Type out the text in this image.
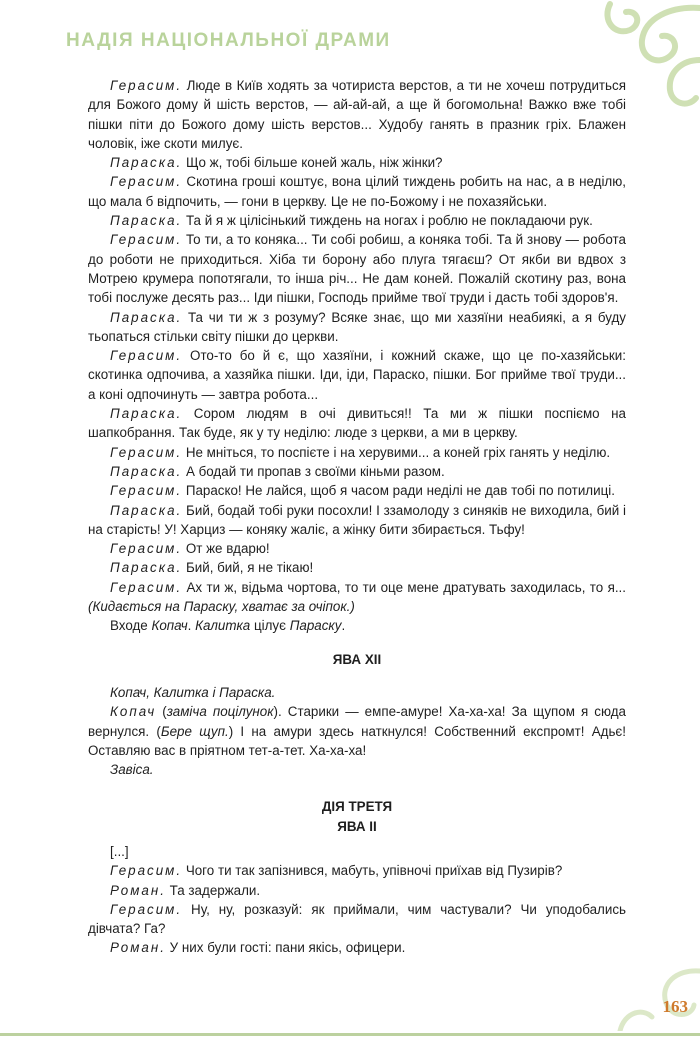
НАДІЯ НАЦІОНАЛЬНОЇ ДРАМИ

Герасим. Люде в Київ ходять за чотириста верстов, а ти не хочеш потрудиться для Божого дому й шість верстов, — ай-ай-ай, а ще й богомольна! Важко вже тобі пішки піти до Божого дому шість верстов... Худобу ганять в празник гріх. Блажен чоловік, іже скоти милує.

Параска. Що ж, тобі більше коней жаль, ніж жінки?

Герасим. Скотина гроші коштує, вона цілий тиждень робить на нас, а в неділю, що мала б відпочить, — гони в церкву. Це не по-Божому і не похазяйськи.

Параска. Та й я ж цілісінький тиждень на ногах і роблю не покладаючи рук.

Герасим. То ти, а то коняка... Ти собі робиш, а коняка тобі. Та й знову — робота до роботи не приходиться. Хіба ти борону або плуга тягаєш? От якби ви вдвох з Мотрею крумера попотягали, то інша річ... Не дам коней. Пожалій скотину раз, вона тобі послуже десять раз... Іди пішки, Господь прийме твої труди і дасть тобі здоров'я.

Параска. Та чи ти ж з розуму? Всяке знає, що ми хазяїни неабиякі, а я буду тьопаться стільки світу пішки до церкви.

Герасим. Ото-то бо й є, що хазяїни, і кожний скаже, що це по-хазяйськи: скотинка одпочива, а хазяйка пішки. Іди, іди, Параско, пішки. Бог прийме твої труди... а коні одпочинуть — завтра робота...

Параска. Сором людям в очі дивиться!! Та ми ж пішки поспіємо на шапкобрання. Так буде, як у ту неділю: люде з церкви, а ми в церкву.

Герасим. Не мніться, то поспієте і на херувими... а коней гріх ганять у неділю.

Параска. А бодай ти пропав з своїми кіньми разом.

Герасим. Параско! Не лайся, щоб я часом ради неділі не дав тобі по потилиці.

Параска. Бий, бодай тобі руки посохли! І ззамолоду з синяків не виходила, бий і на старість! У! Харциз — коняку жаліє, а жінку бити збирається. Тьфу!

Герасим. От же вдарю!

Параска. Бий, бий, я не тікаю!

Герасим. Ах ти ж, відьма чортова, то ти оце мене дратувать заходилась, то я... (Кидається на Параску, хватає за очіпок.)

Входе Копач. Калитка цілує Параску.

ЯВА XII

Копач, Калитка і Параска.

Копач (заміча поцілунок). Старики — емпе-амуре! Ха-ха-ха! За щупом я сюда вернулся. (Бере щуп.) І на амури здесь наткнулся! Собственний експромт! Адьє! Оставляю вас в прiятном тет-а-тет. Ха-ха-ха!

Завіса.

ДІЯ ТРЕТЯ

ЯВА II

[...]

Герасим. Чого ти так запізнився, мабуть, упівночі приїхав від Пузирів?

Роман. Та задержали.

Герасим. Ну, ну, розказуй: як приймали, чим частували? Чи уподобались дівчата? Га?

Роман. У них були гості: пани якісь, офицери.

163
